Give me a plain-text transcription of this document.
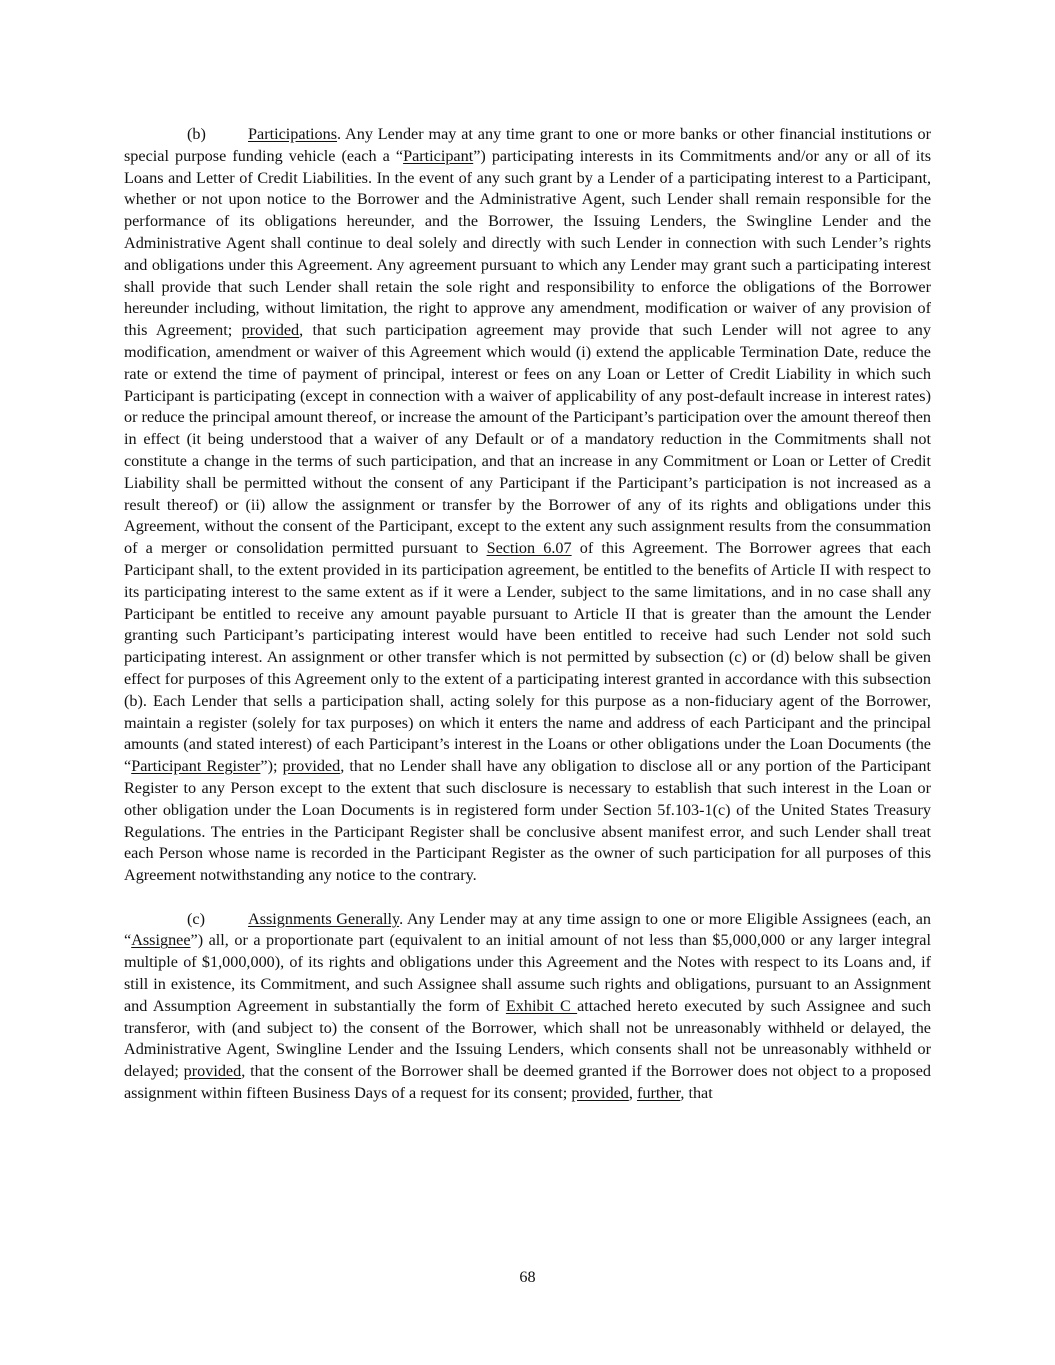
(b)	Participations. Any Lender may at any time grant to one or more banks or other financial institutions or special purpose funding vehicle (each a “Participant”) participating interests in its Commitments and/or any or all of its Loans and Letter of Credit Liabilities. In the event of any such grant by a Lender of a participating interest to a Participant, whether or not upon notice to the Borrower and the Administrative Agent, such Lender shall remain responsible for the performance of its obligations hereunder, and the Borrower, the Issuing Lenders, the Swingline Lender and the Administrative Agent shall continue to deal solely and directly with such Lender in connection with such Lender’s rights and obligations under this Agreement. Any agreement pursuant to which any Lender may grant such a participating interest shall provide that such Lender shall retain the sole right and responsibility to enforce the obligations of the Borrower hereunder including, without limitation, the right to approve any amendment, modification or waiver of any provision of this Agreement; provided, that such participation agreement may provide that such Lender will not agree to any modification, amendment or waiver of this Agreement which would (i) extend the applicable Termination Date, reduce the rate or extend the time of payment of principal, interest or fees on any Loan or Letter of Credit Liability in which such Participant is participating (except in connection with a waiver of applicability of any post-default increase in interest rates) or reduce the principal amount thereof, or increase the amount of the Participant’s participation over the amount thereof then in effect (it being understood that a waiver of any Default or of a mandatory reduction in the Commitments shall not constitute a change in the terms of such participation, and that an increase in any Commitment or Loan or Letter of Credit Liability shall be permitted without the consent of any Participant if the Participant’s participation is not increased as a result thereof) or (ii) allow the assignment or transfer by the Borrower of any of its rights and obligations under this Agreement, without the consent of the Participant, except to the extent any such assignment results from the consummation of a merger or consolidation permitted pursuant to Section 6.07 of this Agreement. The Borrower agrees that each Participant shall, to the extent provided in its participation agreement, be entitled to the benefits of Article II with respect to its participating interest to the same extent as if it were a Lender, subject to the same limitations, and in no case shall any Participant be entitled to receive any amount payable pursuant to Article II that is greater than the amount the Lender granting such Participant’s participating interest would have been entitled to receive had such Lender not sold such participating interest. An assignment or other transfer which is not permitted by subsection (c) or (d) below shall be given effect for purposes of this Agreement only to the extent of a participating interest granted in accordance with this subsection (b). Each Lender that sells a participation shall, acting solely for this purpose as a non-fiduciary agent of the Borrower, maintain a register (solely for tax purposes) on which it enters the name and address of each Participant and the principal amounts (and stated interest) of each Participant’s interest in the Loans or other obligations under the Loan Documents (the “Participant Register”); provided, that no Lender shall have any obligation to disclose all or any portion of the Participant Register to any Person except to the extent that such disclosure is necessary to establish that such interest in the Loan or other obligation under the Loan Documents is in registered form under Section 5f.103-1(c) of the United States Treasury Regulations. The entries in the Participant Register shall be conclusive absent manifest error, and such Lender shall treat each Person whose name is recorded in the Participant Register as the owner of such participation for all purposes of this Agreement notwithstanding any notice to the contrary.

(c)	Assignments Generally. Any Lender may at any time assign to one or more Eligible Assignees (each, an “Assignee”) all, or a proportionate part (equivalent to an initial amount of not less than $5,000,000 or any larger integral multiple of $1,000,000), of its rights and obligations under this Agreement and the Notes with respect to its Loans and, if still in existence, its Commitment, and such Assignee shall assume such rights and obligations, pursuant to an Assignment and Assumption Agreement in substantially the form of Exhibit C attached hereto executed by such Assignee and such transferor, with (and subject to) the consent of the Borrower, which shall not be unreasonably withheld or delayed, the Administrative Agent, Swingline Lender and the Issuing Lenders, which consents shall not be unreasonably withheld or delayed; provided, that the consent of the Borrower shall be deemed granted if the Borrower does not object to a proposed assignment within fifteen Business Days of a request for its consent; provided, further, that

68
